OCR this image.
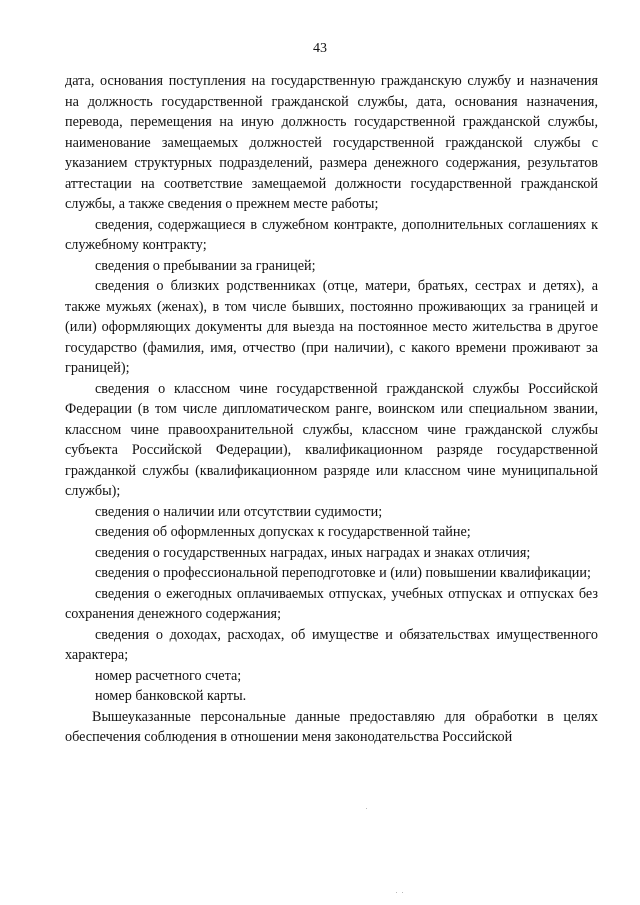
43

дата, основания поступления на государственную гражданскую службу и назначения на должность государственной гражданской службы, дата, основания назначения, перевода, перемещения на иную должность государственной гражданской службы, наименование замещаемых должностей государственной гражданской службы с указанием структурных подразделений, размера денежного содержания, результатов аттестации на соответствие замещаемой должности государственной гражданской службы, а также сведения о прежнем месте работы;

сведения, содержащиеся в служебном контракте, дополнительных соглашениях к служебному контракту;

сведения о пребывании за границей;

сведения о близких родственниках (отце, матери, братьях, сестрах и детях), а также мужьях (женах), в том числе бывших, постоянно проживающих за границей и (или) оформляющих документы для выезда на постоянное место жительства в другое государство (фамилия, имя, отчество (при наличии), с какого времени проживают за границей);

сведения о классном чине государственной гражданской службы Российской Федерации (в том числе дипломатическом ранге, воинском или специальном звании, классном чине правоохранительной службы, классном чине гражданской службы субъекта Российской Федерации), квалификационном разряде государственной гражданкой службы (квалификационном разряде или классном чине муниципальной службы);

сведения о наличии или отсутствии судимости;

сведения об оформленных допусках к государственной тайне;

сведения о государственных наградах, иных наградах и знаках отличия;

сведения о профессиональной переподготовке и (или) повышении квалификации;

сведения о ежегодных оплачиваемых отпусках, учебных отпусках и отпусках без сохранения денежного содержания;

сведения о доходах, расходах, об имуществе и обязательствах имущественного характера;

номер расчетного счета;

номер банковской карты.

Вышеуказанные персональные данные предоставляю для обработки в целях обеспечения соблюдения в отношении меня законодательства Российской
